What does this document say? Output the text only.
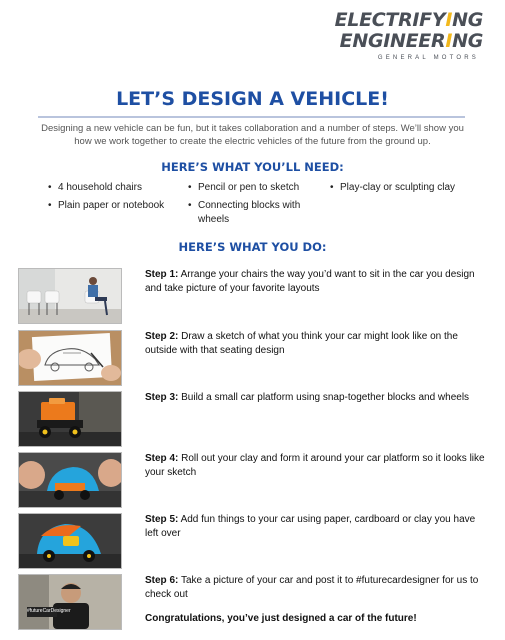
ELECTRIFYING
ENGINEERING
GENERAL MOTORS
LET’S DESIGN A VEHICLE!

Designing a new vehicle can be fun, but it takes collaboration and a number of steps. We’ll show you how we work together to create the electric vehicles of the future from the ground up.

HERE’S WHAT YOU’LL NEED:
• 4 household chairs
• Plain paper or notebook
• Pencil or pen to sketch
• Connecting blocks with wheels
• Play-clay or sculpting clay
HERE’S WHAT YOU DO:

Step 1: Arrange your chairs the way you’d want to sit in the car you design and take picture of your favorite layouts

Step 2: Draw a sketch of what you think your car might look like on the outside with that seating design

Step 3: Build a small car platform using snap-together blocks and wheels

Step 4: Roll out your clay and form it around your car platform so it looks like your sketch

Step 5: Add fun things to your car using paper, cardboard or clay you have left over

#futureCarDesigner

Step 6: Take a picture of your car and post it to #futurecardesigner for us to check out

Congratulations, you’ve just designed a car of the future!
